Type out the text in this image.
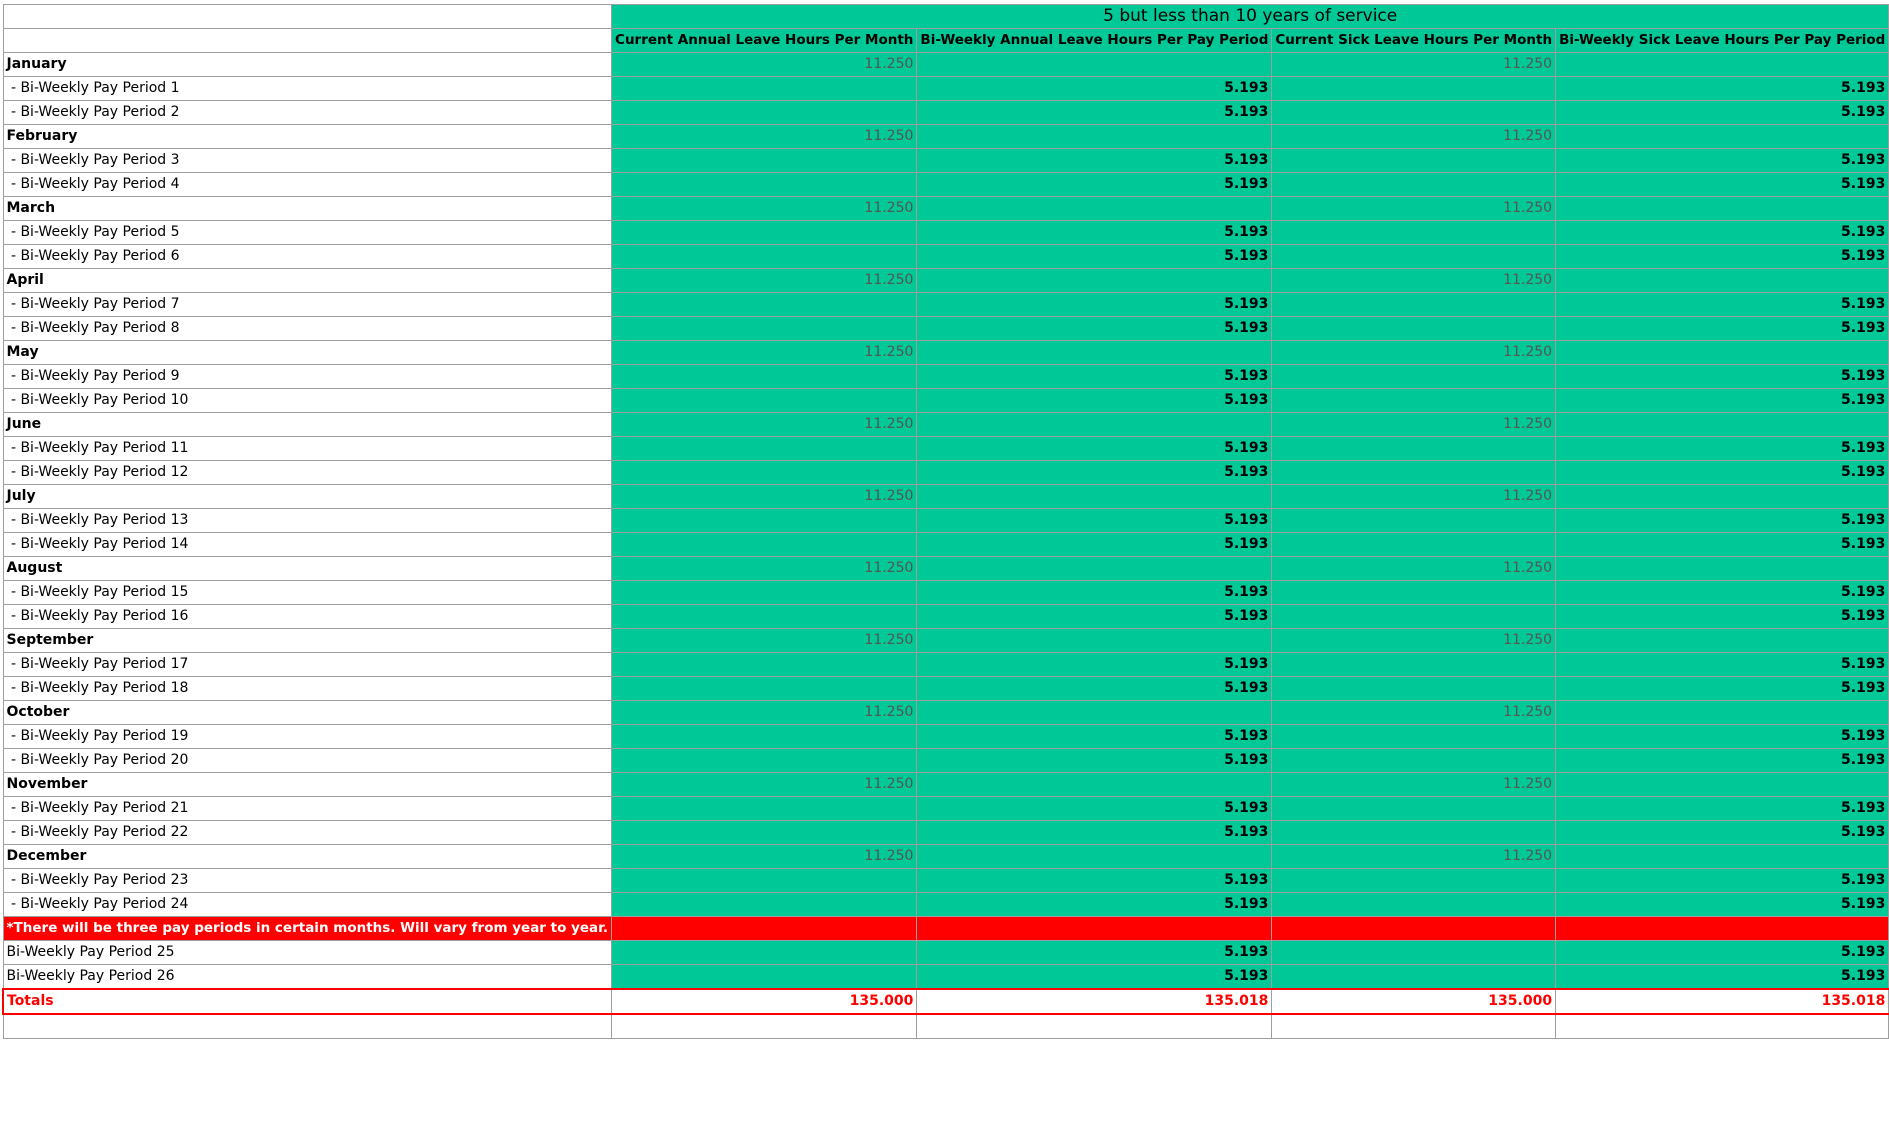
	5 but less than 10 years of service			
	Current Annual Leave Hours Per Month	Bi-Weekly Annual Leave Hours Per Pay Period	Current Sick Leave Hours Per Month	Bi-Weekly Sick Leave Hours Per Pay Period
January	11.250		11.250	
- Bi-Weekly Pay Period 1		5.193		5.193
- Bi-Weekly Pay Period 2		5.193		5.193
February	11.250		11.250	
- Bi-Weekly Pay Period 3		5.193		5.193
- Bi-Weekly Pay Period 4		5.193		5.193
March	11.250		11.250	
- Bi-Weekly Pay Period 5		5.193		5.193
- Bi-Weekly Pay Period 6		5.193		5.193
April	11.250		11.250	
- Bi-Weekly Pay Period 7		5.193		5.193
- Bi-Weekly Pay Period 8		5.193		5.193
May	11.250		11.250	
- Bi-Weekly Pay Period 9		5.193		5.193
- Bi-Weekly Pay Period 10		5.193		5.193
June	11.250		11.250	
- Bi-Weekly Pay Period 11		5.193		5.193
- Bi-Weekly Pay Period 12		5.193		5.193
July	11.250		11.250	
- Bi-Weekly Pay Period 13		5.193		5.193
- Bi-Weekly Pay Period 14		5.193		5.193
August	11.250		11.250	
- Bi-Weekly Pay Period 15		5.193		5.193
- Bi-Weekly Pay Period 16		5.193		5.193
September	11.250		11.250	
- Bi-Weekly Pay Period 17		5.193		5.193
- Bi-Weekly Pay Period 18		5.193		5.193
October	11.250		11.250	
- Bi-Weekly Pay Period 19		5.193		5.193
- Bi-Weekly Pay Period 20		5.193		5.193
November	11.250		11.250	
- Bi-Weekly Pay Period 21		5.193		5.193
- Bi-Weekly Pay Period 22		5.193		5.193
December	11.250		11.250	
- Bi-Weekly Pay Period 23		5.193		5.193
- Bi-Weekly Pay Period 24		5.193		5.193
*There will be three pay periods in certain months. Will vary from year to year.				
Bi-Weekly Pay Period 25		5.193		5.193
Bi-Weekly Pay Period 26		5.193		5.193
Totals	135.000	135.018	135.000	135.018
